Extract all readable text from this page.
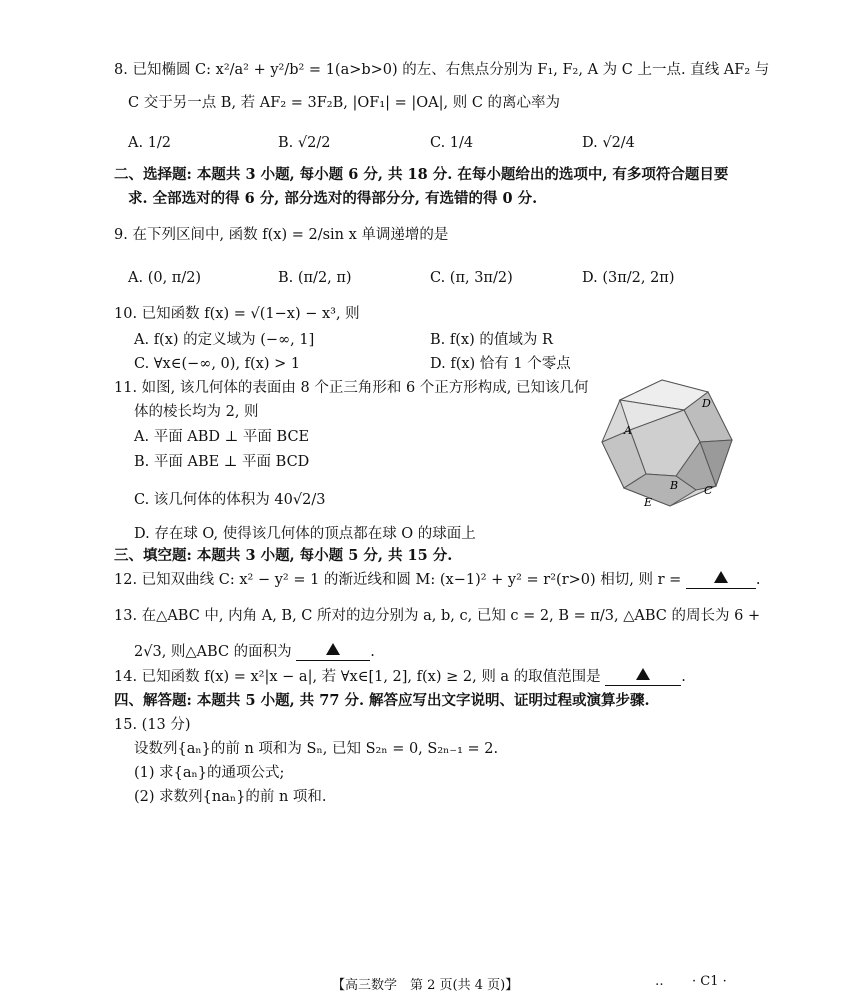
8. 已知椭圆 C: x²/a² + y²/b² = 1(a>b>0) 的左、右焦点分别为 F₁, F₂, A 为 C 上一点. 直线 AF₂ 与
C 交于另一点 B, 若 AF₂ = 3F₂B, |OF₁| = |OA|, 则 C 的离心率为
A. 1/2	B. √2/2	C. 1/4	D. √2/4
二、选择题: 本题共 3 小题, 每小题 6 分, 共 18 分. 在每小题给出的选项中, 有多项符合题目要
求. 全部选对的得 6 分, 部分选对的得部分分, 有选错的得 0 分.
9. 在下列区间中, 函数 f(x) = 2/sin x 单调递增的是
A. (0, π/2)	B. (π/2, π)	C. (π, 3π/2)	D. (3π/2, 2π)
10. 已知函数 f(x) = √(1−x) − x³, 则
A. f(x) 的定义域为 (−∞, 1]	B. f(x) 的值域为 R
C. ∀x∈(−∞, 0), f(x) > 1	D. f(x) 恰有 1 个零点
11. 如图, 该几何体的表面由 8 个正三角形和 6 个正方形构成, 已知该几何
体的棱长均为 2, 则
A. 平面 ABD ⊥ 平面 BCE
B. 平面 ABE ⊥ 平面 BCD
C. 该几何体的体积为 40√2/3
D. 存在球 O, 使得该几何体的顶点都在球 O 的球面上
A
B C
D
E
三、填空题: 本题共 3 小题, 每小题 5 分, 共 15 分.
12. 已知双曲线 C: x² − y² = 1 的渐近线和圆 M: (x−1)² + y² = r²(r>0) 相切, 则 r =	.
13. 在△ABC 中, 内角 A, B, C 所对的边分别为 a, b, c, 已知 c = 2, B = π/3, △ABC 的周长为 6 +
2√3, 则△ABC 的面积为	.
14. 已知函数 f(x) = x²|x − a|, 若 ∀x∈[1, 2], f(x) ≥ 2, 则 a 的取值范围是	.
四、解答题: 本题共 5 小题, 共 77 分. 解答应写出文字说明、证明过程或演算步骤.
15. (13 分)
设数列{aₙ}的前 n 项和为 Sₙ, 已知 S₂ₙ = 0, S₂ₙ₋₁ = 2.
(1) 求{aₙ}的通项公式;
(2) 求数列{naₙ}的前 n 项和.
【高三数学　第 2 页(共 4 页)】	‥ · C1 ·
